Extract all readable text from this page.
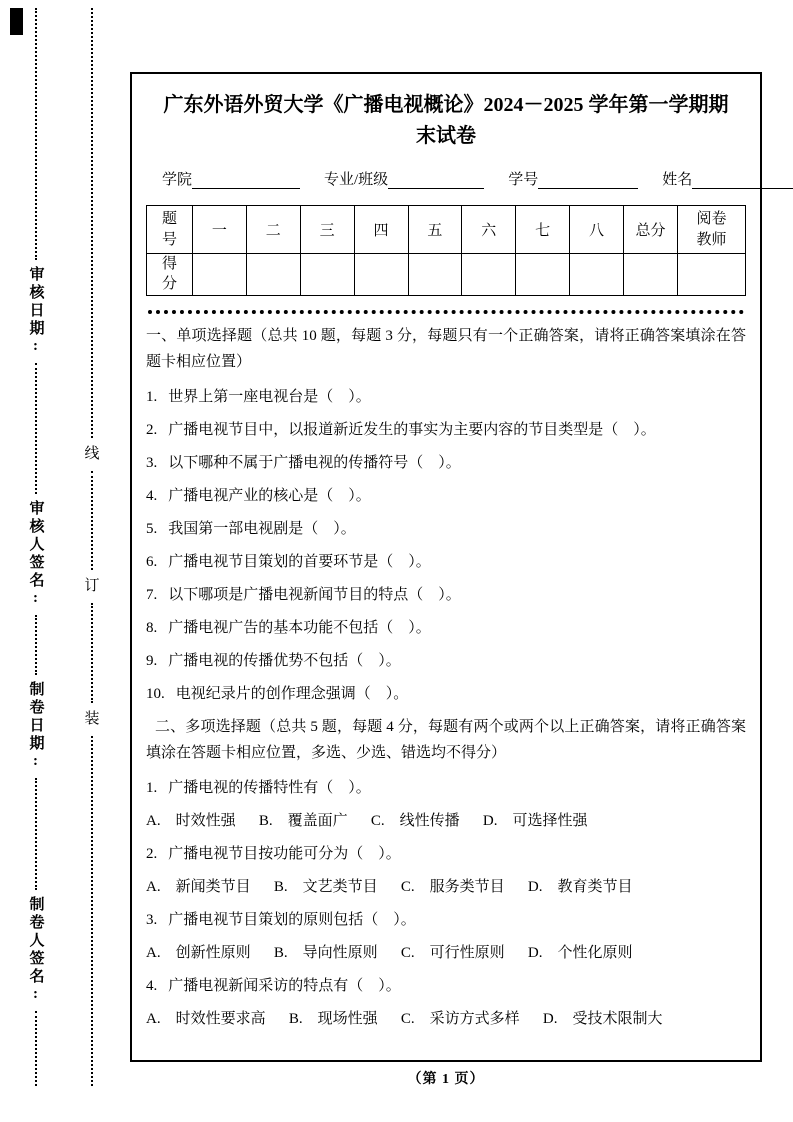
审核日期:
审核人签名:
制卷日期:
制卷人签名:
线
订
装
广东外语外贸大学《广播电视概论》2024－2025 学年第一学期期末试卷
学院	专业/班级	学号	姓名
题号	一	二	三	四	五	六	七	八	总分	阅卷教师

得分										

一、单项选择题（总共 10 题，每题 3 分，每题只有一个正确答案，请将正确答案填涂在答题卡相应位置）

1. 世界上第一座电视台是（　）。
2. 广播电视节目中，以报道新近发生的事实为主要内容的节目类型是（　）。
3. 以下哪种不属于广播电视的传播符号（　）。
4. 广播电视产业的核心是（　）。
5. 我国第一部电视剧是（　）。
6. 广播电视节目策划的首要环节是（　）。
7. 以下哪项是广播电视新闻节目的特点（　）。
8. 广播电视广告的基本功能不包括（　）。
9. 广播电视的传播优势不包括（　）。
10. 电视纪录片的创作理念强调（　）。

二、多项选择题（总共 5 题，每题 4 分，每题有两个或两个以上正确答案，请将正确答案填涂在答题卡相应位置，多选、少选、错选均不得分）

1. 广播电视的传播特性有（　）。
A.　时效性强 B.　覆盖面广 C.　线性传播 D.　可选择性强
2. 广播电视节目按功能可分为（　）。
A.　新闻类节目 B.　文艺类节目 C.　服务类节目 D.　教育类节目
3. 广播电视节目策划的原则包括（　）。
A.　创新性原则 B.　导向性原则 C.　可行性原则 D.　个性化原则
4. 广播电视新闻采访的特点有（　）。
A.　时效性要求高 B.　现场性强 C.　采访方式多样 D.　受技术限制大
（第 1 页）
